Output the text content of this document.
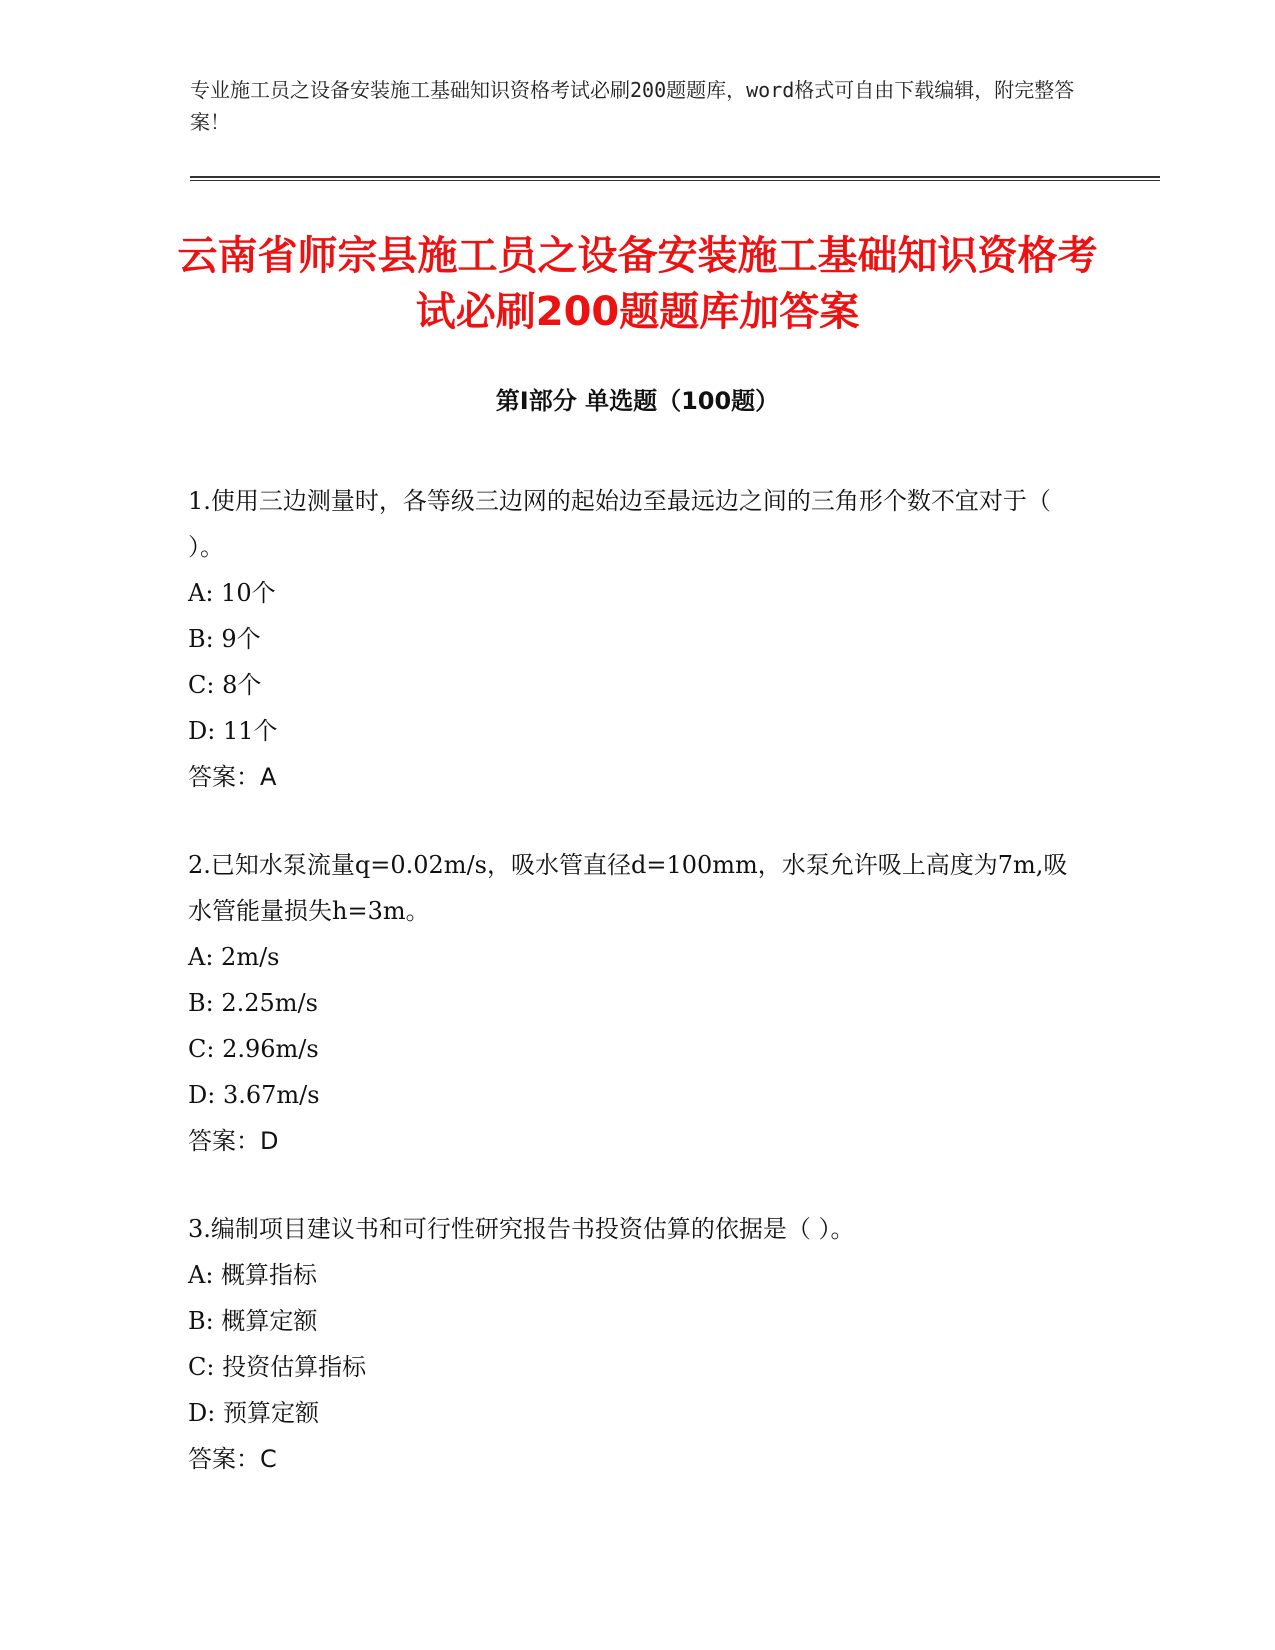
专业施工员之设备安装施工基础知识资格考试必刷200题题库，word格式可自由下载编辑，附完整答案！
云南省师宗县施工员之设备安装施工基础知识资格考试必刷200题题库加答案
第I部分 单选题（100题）
1.使用三边测量时，各等级三边网的起始边至最远边之间的三角形个数不宜对于（ ）。
A: 10个
B: 9个
C: 8个
D: 11个
答案：A
2.已知水泵流量q=0.02m/s，吸水管直径d=100mm，水泵允许吸上高度为7m,吸水管能量损失h=3m。
A: 2m/s
B: 2.25m/s
C: 2.96m/s
D: 3.67m/s
答案：D
3.编制项目建议书和可行性研究报告书投资估算的依据是（ ）。
A: 概算指标
B: 概算定额
C: 投资估算指标
D: 预算定额
答案：C
